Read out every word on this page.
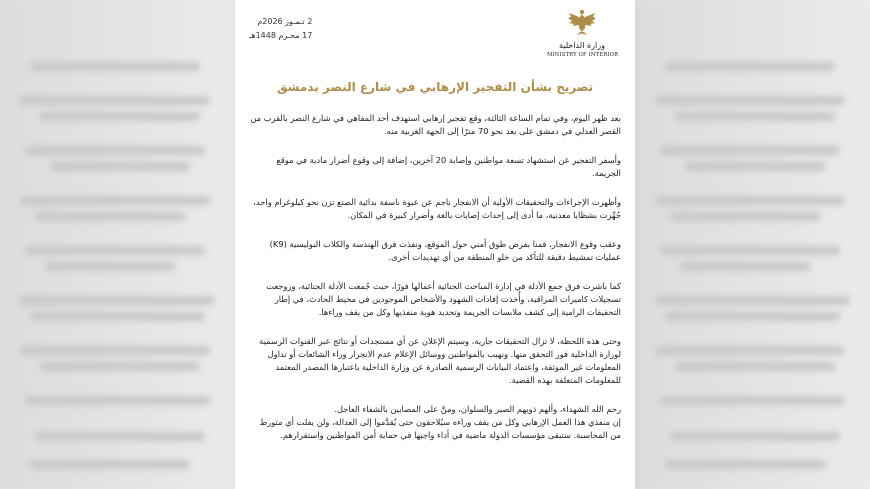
وزارة الداخلية
MINISTRY OF INTERIOR
2 تـمـوز 2026م
17 محـرم 1448هـ
تصريح بشأن التفجير الإرهابي في شارع النصر بدمشق

بعد ظهر اليوم، وفي تمام الساعة الثالثة، وقع تفجير إرهابي استهدف أحد المقاهي في شارع النصر بالقرب من القصر العدلي في دمشق على بعد نحو 70 مترًا إلى الجهة الغربية منه.

وأسفر التفجير عن استشهاد تسعة مواطنين وإصابة 20 آخرين، إضافة إلى وقوع أضرار مادية في موقع الجريمة.

وأظهرت الإجراءات والتحقيقات الأولية أن الانفجار ناجم عن عبوة ناسفة بدائية الصنع تزن نحو كيلوغرام واحد، جُهِّزت بشظايا معدنية، ما أدى إلى إحداث إصابات بالغة وأضرار كبيرة في المكان.

وعقب وقوع الانفجار، قمنا بفرض طوق أمني حول الموقع، ونفذت فرق الهندسة والكلاب البوليسية (K9) عمليات تمشيط دقيقة للتأكد من خلو المنطقة من أي تهديدات أخرى.

كما باشرت فرق جمع الأدلة في إدارة المباحث الجنائية أعمالها فورًا، حيث جُمعت الأدلة الجنائية، وزوجعت تسجيلات كاميرات المراقبة، وأُخذت إفادات الشهود والأشخاص الموجودين في محيط الحادث، في إطار التحقيقات الرامية إلى كشف ملابسات الجريمة وتحديد هوية منفذيها وكل من يقف وراءها.

وحتى هذه اللحظة، لا تزال التحقيقات جارية، وسيتم الإعلان عن أي مستجدات أو نتائج عبر القنوات الرسمية لوزارة الداخلية فور التحقق منها. ونهيب بالمواطنين ووسائل الإعلام عدم الانجرار وراء الشائعات أو تداول المعلومات غير الموثقة، واعتماد البيانات الرسمية الصادرة عن وزارة الداخلية باعتبارها المصدر المعتمد للمعلومات المتعلقة بهذه القضية.

رحم الله الشهداء، وألهم ذويهم الصبر والسلوان، ومنَّ على المصابين بالشفاء العاجل.

إن منفذي هذا العمل الإرهابي وكل من يقف وراءه سيُلاحقون حتى يُقدَّموا إلى العدالة، ولن يفلت أي متورط من المحاسبة. ستبقى مؤسسات الدولة ماضية في أداء واجبها في حماية أمن المواطنين واستقرارهم.
